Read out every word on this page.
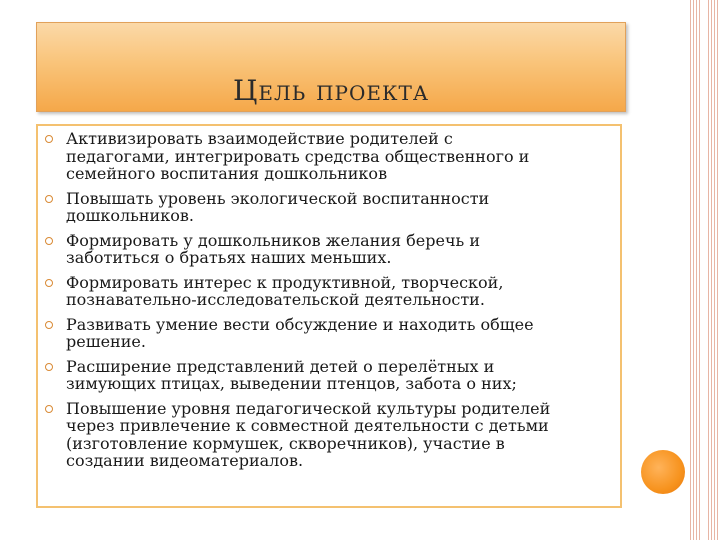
Цель проекта
Активизировать взаимодействие родителей с
педагогами, интегрировать средства общественного и
семейного воспитания дошкольников
Повышать уровень экологической воспитанности
дошкольников.
Формировать у дошкольников желания беречь и
заботиться о братьях наших меньших.
Формировать интерес к продуктивной, творческой,
познавательно-исследовательской деятельности.
Развивать умение вести обсуждение и находить общее
решение.
Расширение представлений детей о перелётных и
зимующих птицах, выведении птенцов, забота о них;
Повышение уровня педагогической культуры родителей
через привлечение к совместной деятельности с детьми
(изготовление кормушек, скворечников), участие в
создании видеоматериалов.
